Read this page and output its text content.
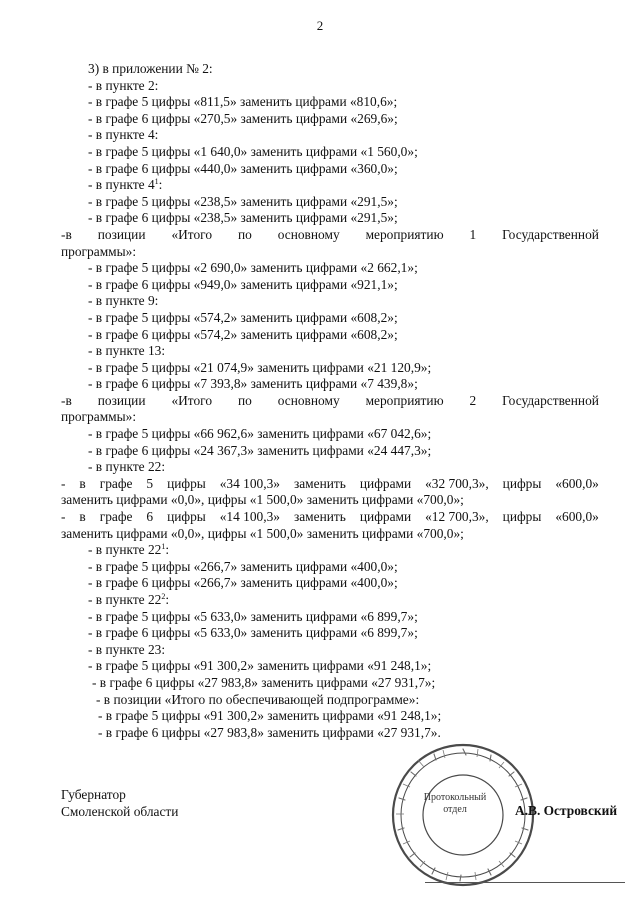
2
3) в приложении № 2:
- в пункте 2:
- в графе 5 цифры «811,5» заменить цифрами «810,6»;
- в графе 6 цифры «270,5» заменить цифрами «269,6»;
- в пункте 4:
- в графе 5 цифры «1 640,0» заменить цифрами «1 560,0»;
- в графе 6 цифры «440,0» заменить цифрами «360,0»;
- в пункте $4^1$:
- в графе 5 цифры «238,5» заменить цифрами «291,5»;
- в графе 6 цифры «238,5» заменить цифрами «291,5»;
-в позиции «Итого по основному мероприятию 1 Государственной
программы»:
- в графе 5 цифры «2 690,0» заменить цифрами «2 662,1»;
- в графе 6 цифры «949,0» заменить цифрами «921,1»;
- в пункте 9:
- в графе 5 цифры «574,2» заменить цифрами «608,2»;
- в графе 6 цифры «574,2» заменить цифрами «608,2»;
- в пункте 13:
- в графе 5 цифры «21 074,9» заменить цифрами «21 120,9»;
- в графе 6 цифры «7 393,8» заменить цифрами «7 439,8»;
-в позиции «Итого по основному мероприятию 2 Государственной
программы»:
- в графе 5 цифры «66 962,6» заменить цифрами «67 042,6»;
- в графе 6 цифры «24 367,3» заменить цифрами «24 447,3»;
- в пункте 22:
- в графе 5 цифры «34 100,3» заменить цифрами «32 700,3», цифры «600,0»
заменить цифрами «0,0», цифры «1 500,0» заменить цифрами «700,0»;
- в графе 6 цифры «14 100,3» заменить цифрами «12 700,3», цифры «600,0»
заменить цифрами «0,0», цифры «1 500,0» заменить цифрами «700,0»;
- в пункте $22^1$:
- в графе 5 цифры «266,7» заменить цифрами «400,0»;
- в графе 6 цифры «266,7» заменить цифрами «400,0»;
- в пункте $22^2$:
- в графе 5 цифры «5 633,0» заменить цифрами «6 899,7»;
- в графе 6 цифры «5 633,0» заменить цифрами «6 899,7»;
- в пункте 23:
- в графе 5 цифры «91 300,2» заменить цифрами «91 248,1»;
- в графе 6 цифры «27 983,8» заменить цифрами «27 931,7»;
- в позиции «Итого по обеспечивающей подпрограмме»:
- в графе 5 цифры «91 300,2» заменить цифрами «91 248,1»;
- в графе 6 цифры «27 983,8» заменить цифрами «27 931,7».
Губернатор
Смоленской области
Протокольный
отдел	А.В. Островский
